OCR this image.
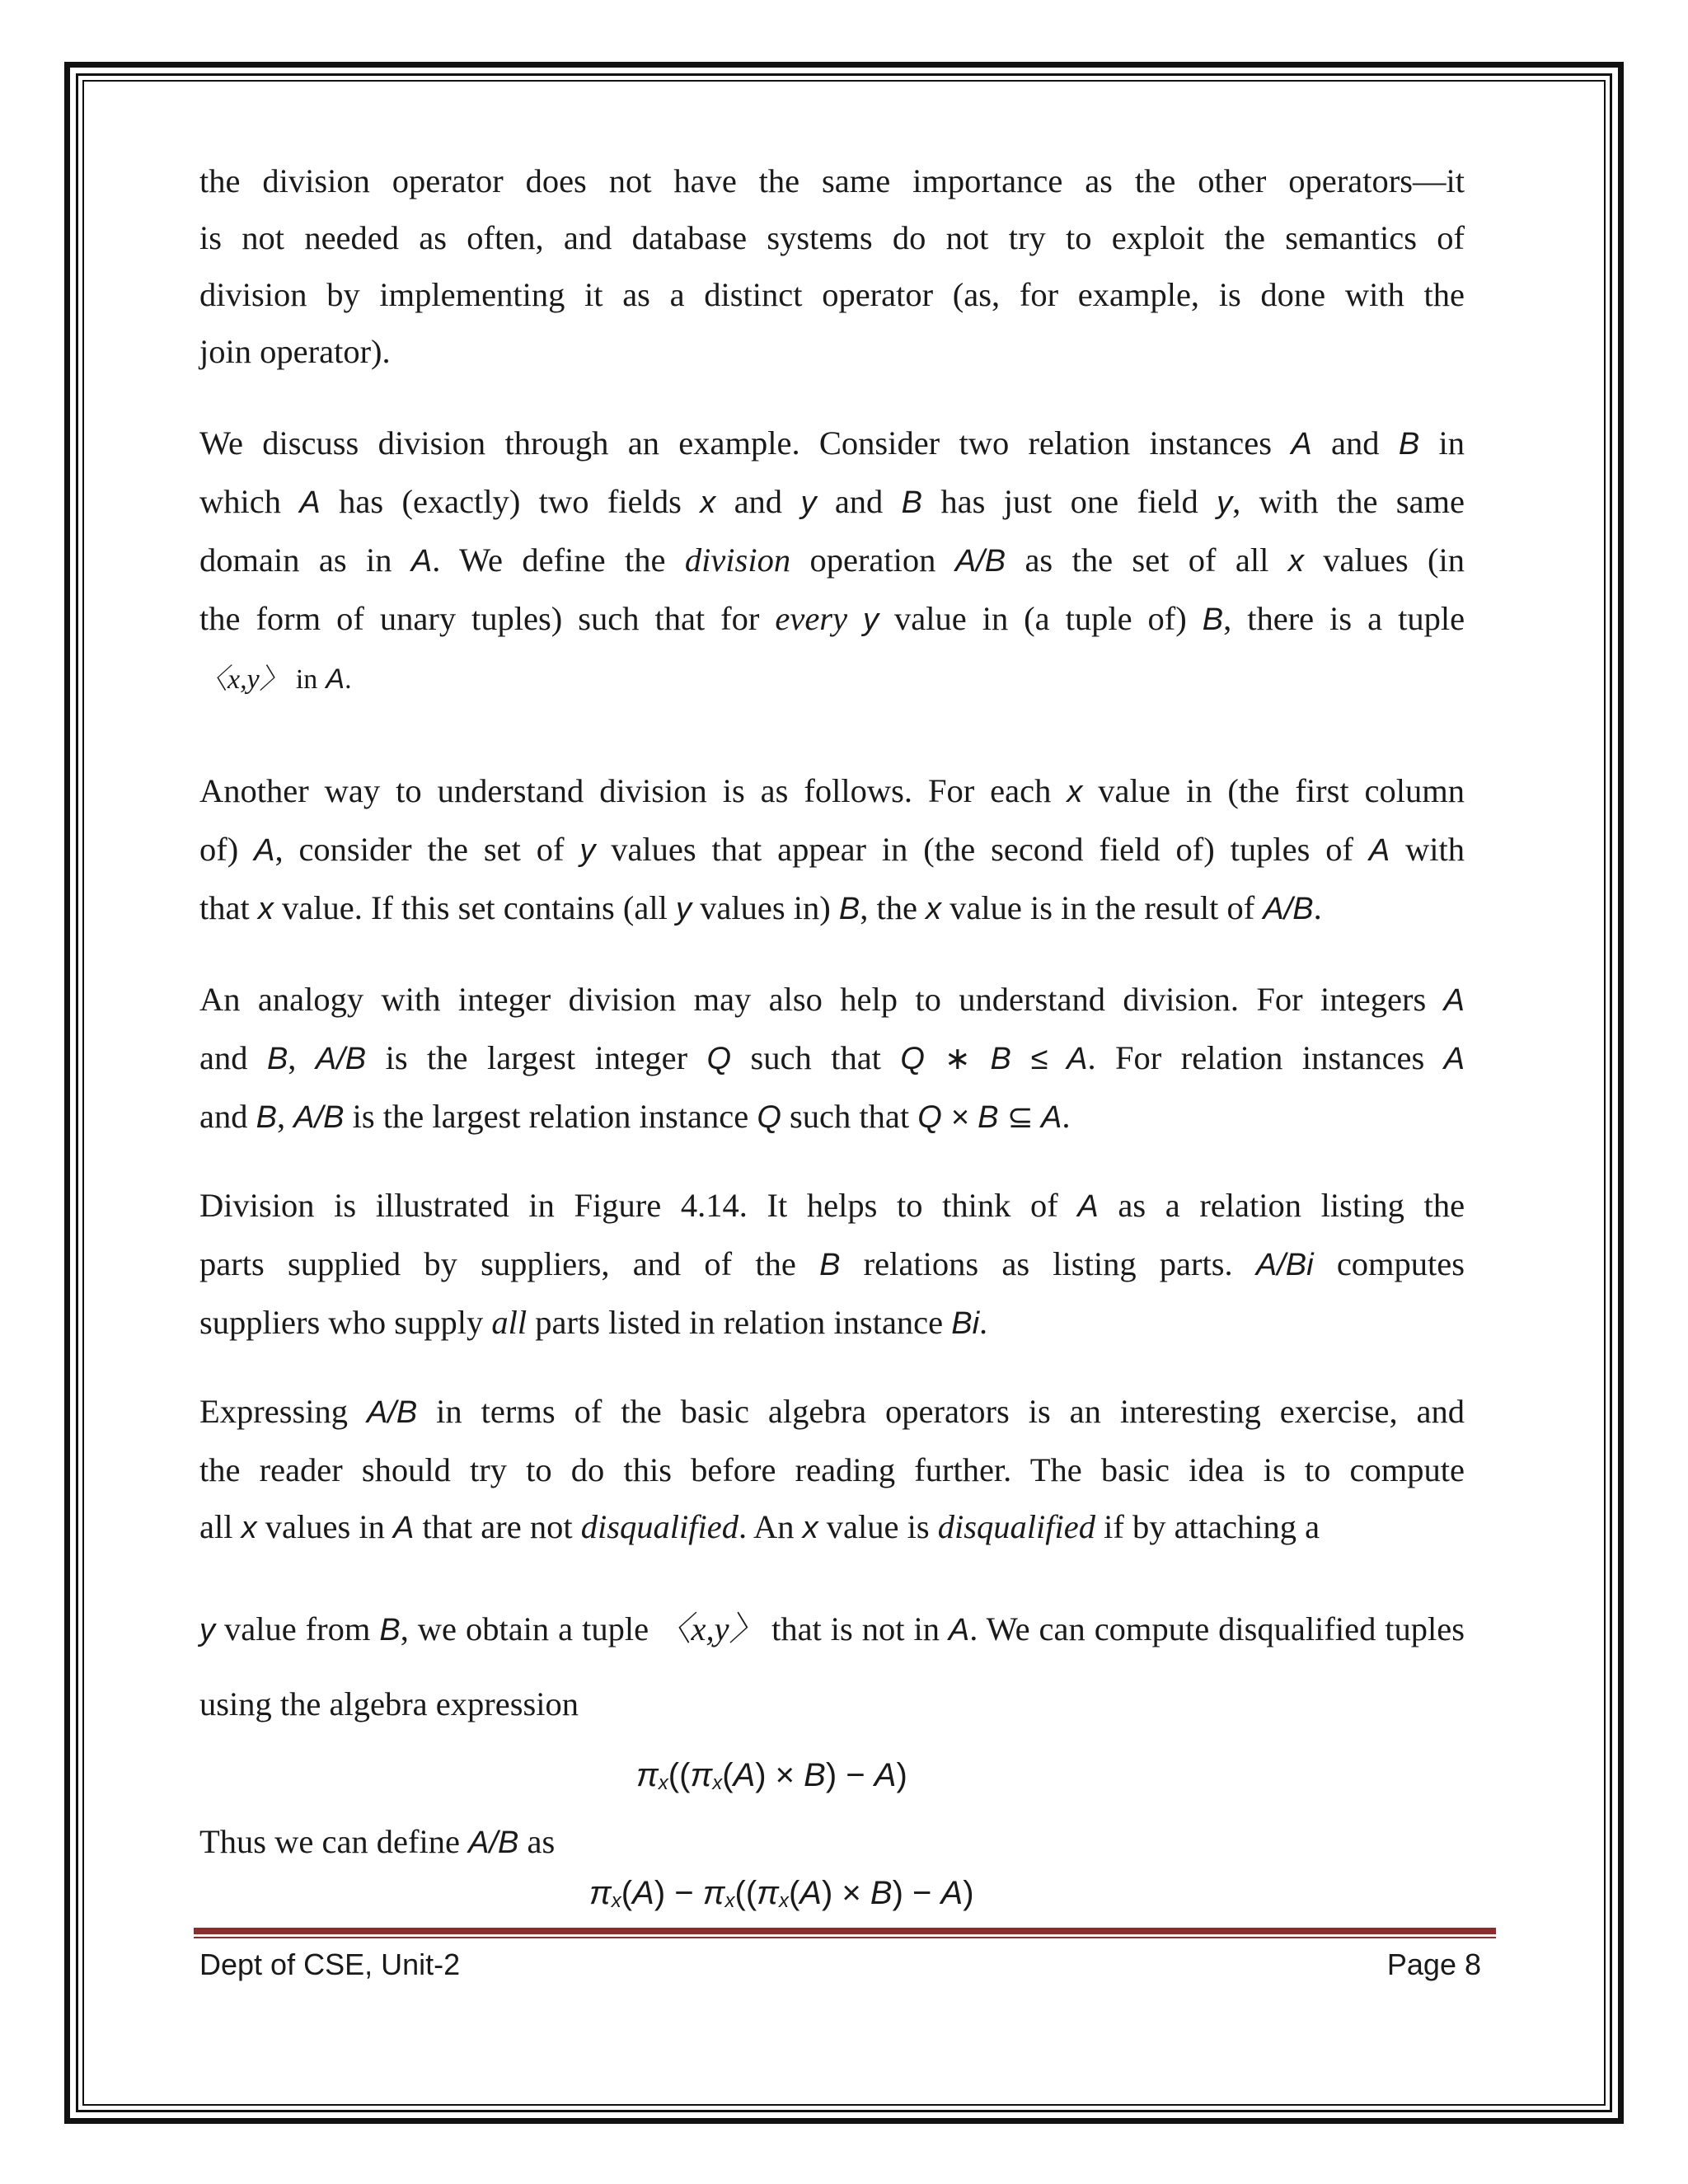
the division operator does not have the same importance as the other operators—it
is not needed as often, and database systems do not try to exploit the semantics of
division by implementing it as a distinct operator (as, for example, is done with the
join operator).

We discuss division through an example. Consider two relation instances A and B in
which A has (exactly) two fields x and y and B has just one field y, with the same
domain as in A. We define the division operation A/B as the set of all x values (in
the form of unary tuples) such that for every y value in (a tuple of) B, there is a tuple
〈x,y〉 in A.

Another way to understand division is as follows. For each x value in (the first column
of) A, consider the set of y values that appear in (the second field of) tuples of A with
that x value. If this set contains (all y values in) B, the x value is in the result of A/B.

An analogy with integer division may also help to understand division. For integers A
and B, A/B is the largest integer Q such that Q ∗ B ≤ A. For relation instances A
and B, A/B is the largest relation instance Q such that Q × B ⊆ A.

Division is illustrated in Figure 4.14. It helps to think of A as a relation listing the
parts supplied by suppliers, and of the B relations as listing parts. A/Bi computes
suppliers who supply all parts listed in relation instance Bi.

Expressing A/B in terms of the basic algebra operators is an interesting exercise, and
the reader should try to do this before reading further. The basic idea is to compute
all x values in A that are not disqualified. An x value is disqualified if by attaching a

y value from B, we obtain a tuple 〈x,y〉 that is not in A. We can compute disqualified tuples
using the algebra expression

πx((πx(A) × B) − A)

Thus we can define A/B as

πx(A) − πx((πx(A) × B) − A)
Dept of CSE, Unit-2	Page 8
